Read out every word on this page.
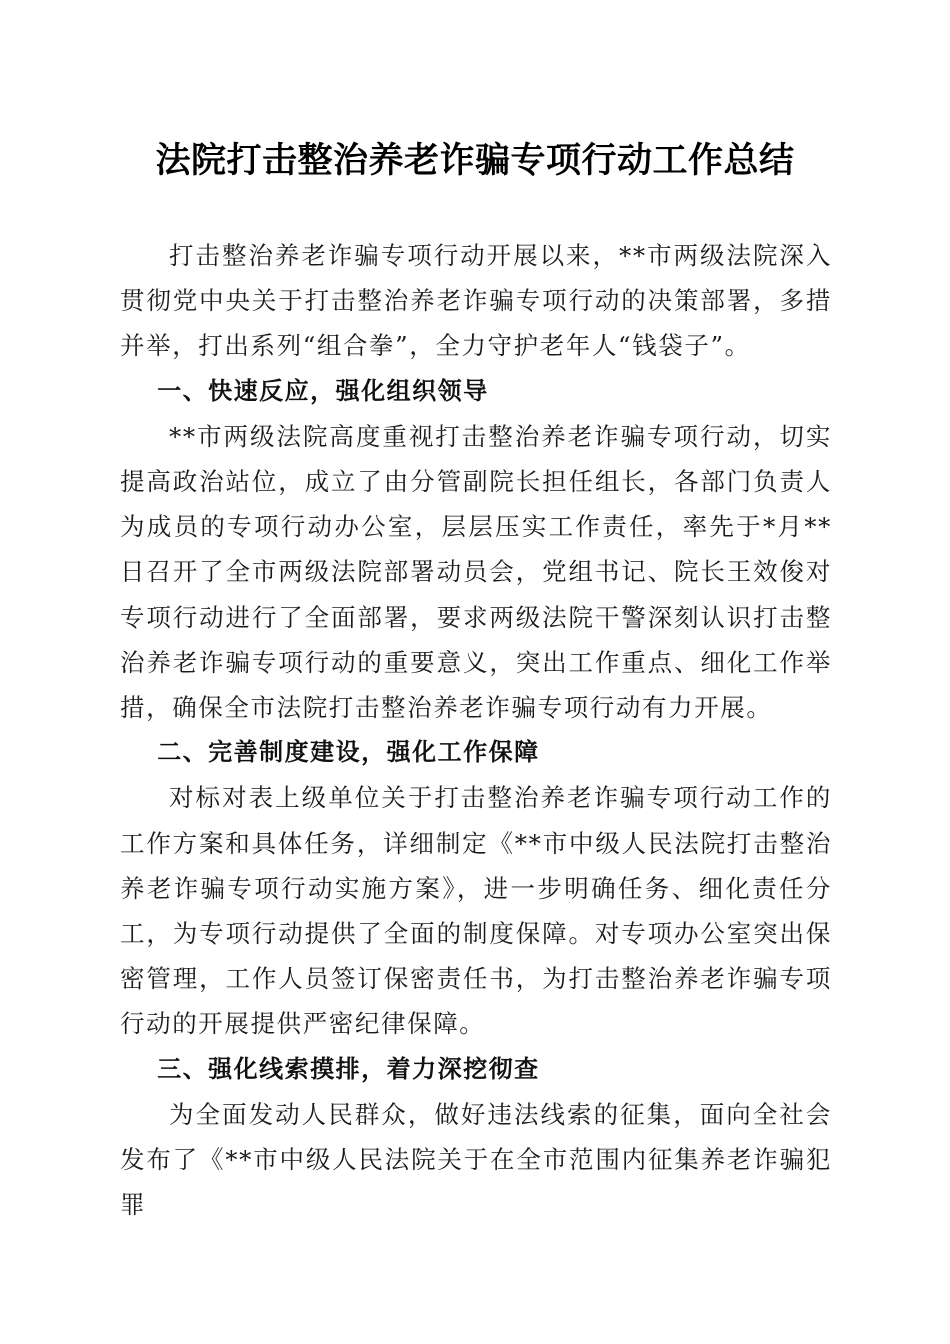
法院打击整治养老诈骗专项行动工作总结

打击整治养老诈骗专项行动开展以来，**市两级法院深入贯彻党中央关于打击整治养老诈骗专项行动的决策部署，多措并举，打出系列“组合拳”，全力守护老年人“钱袋子”。

一、快速反应，强化组织领导

**市两级法院高度重视打击整治养老诈骗专项行动，切实提高政治站位，成立了由分管副院长担任组长，各部门负责人为成员的专项行动办公室，层层压实工作责任，率先于*月**日召开了全市两级法院部署动员会，党组书记、院长王效俊对专项行动进行了全面部署，要求两级法院干警深刻认识打击整治养老诈骗专项行动的重要意义，突出工作重点、细化工作举措，确保全市法院打击整治养老诈骗专项行动有力开展。

二、完善制度建设，强化工作保障

对标对表上级单位关于打击整治养老诈骗专项行动工作的工作方案和具体任务，详细制定《**市中级人民法院打击整治养老诈骗专项行动实施方案》，进一步明确任务、细化责任分工，为专项行动提供了全面的制度保障。对专项办公室突出保密管理，工作人员签订保密责任书，为打击整治养老诈骗专项行动的开展提供严密纪律保障。

三、强化线索摸排，着力深挖彻查

为全面发动人民群众，做好违法线索的征集，面向全社会发布了《**市中级人民法院关于在全市范围内征集养老诈骗犯罪
